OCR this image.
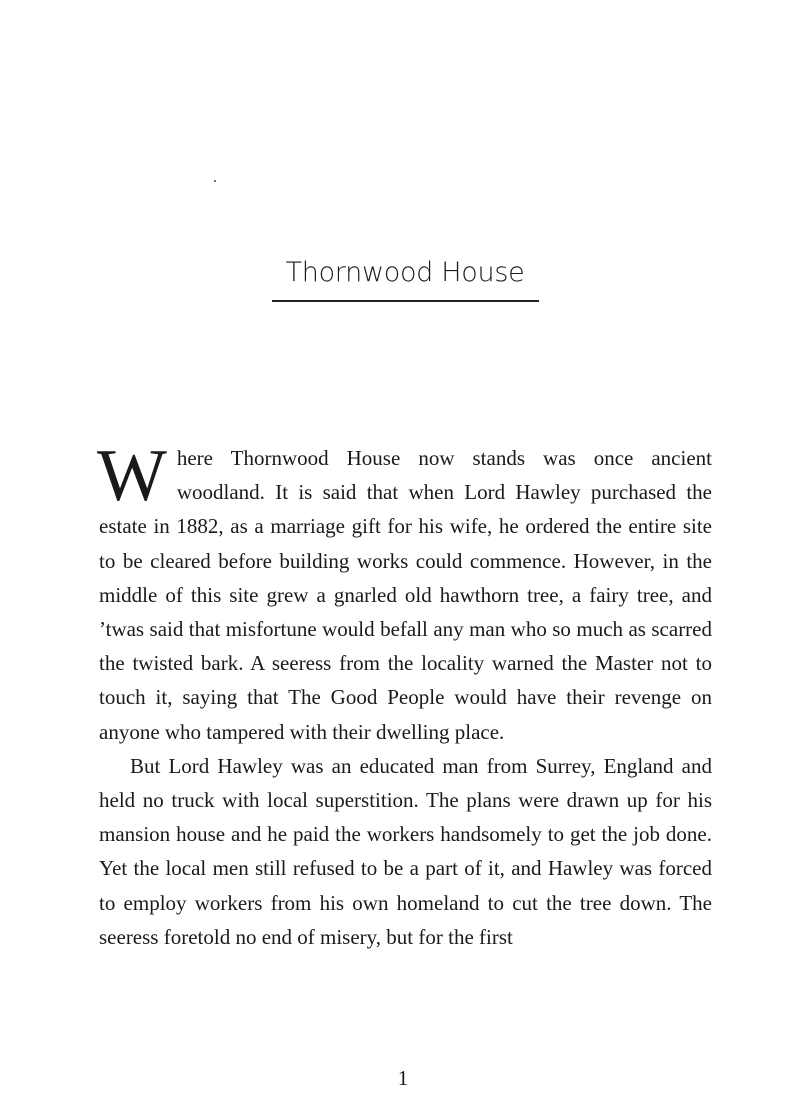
Thornwood House

Where Thornwood House now stands was once ancient woodland. It is said that when Lord Hawley purchased the estate in 1882, as a marriage gift for his wife, he ordered the entire site to be cleared before building works could commence. However, in the middle of this site grew a gnarled old hawthorn tree, a fairy tree, and ’twas said that misfortune would befall any man who so much as scarred the twisted bark. A seeress from the locality warned the Master not to touch it, saying that The Good People would have their revenge on anyone who tampered with their dwelling place.

But Lord Hawley was an educated man from Surrey, England and held no truck with local superstition. The plans were drawn up for his mansion house and he paid the workers handsomely to get the job done. Yet the local men still refused to be a part of it, and Hawley was forced to employ workers from his own homeland to cut the tree down. The seeress foretold no end of misery, but for the first

1
